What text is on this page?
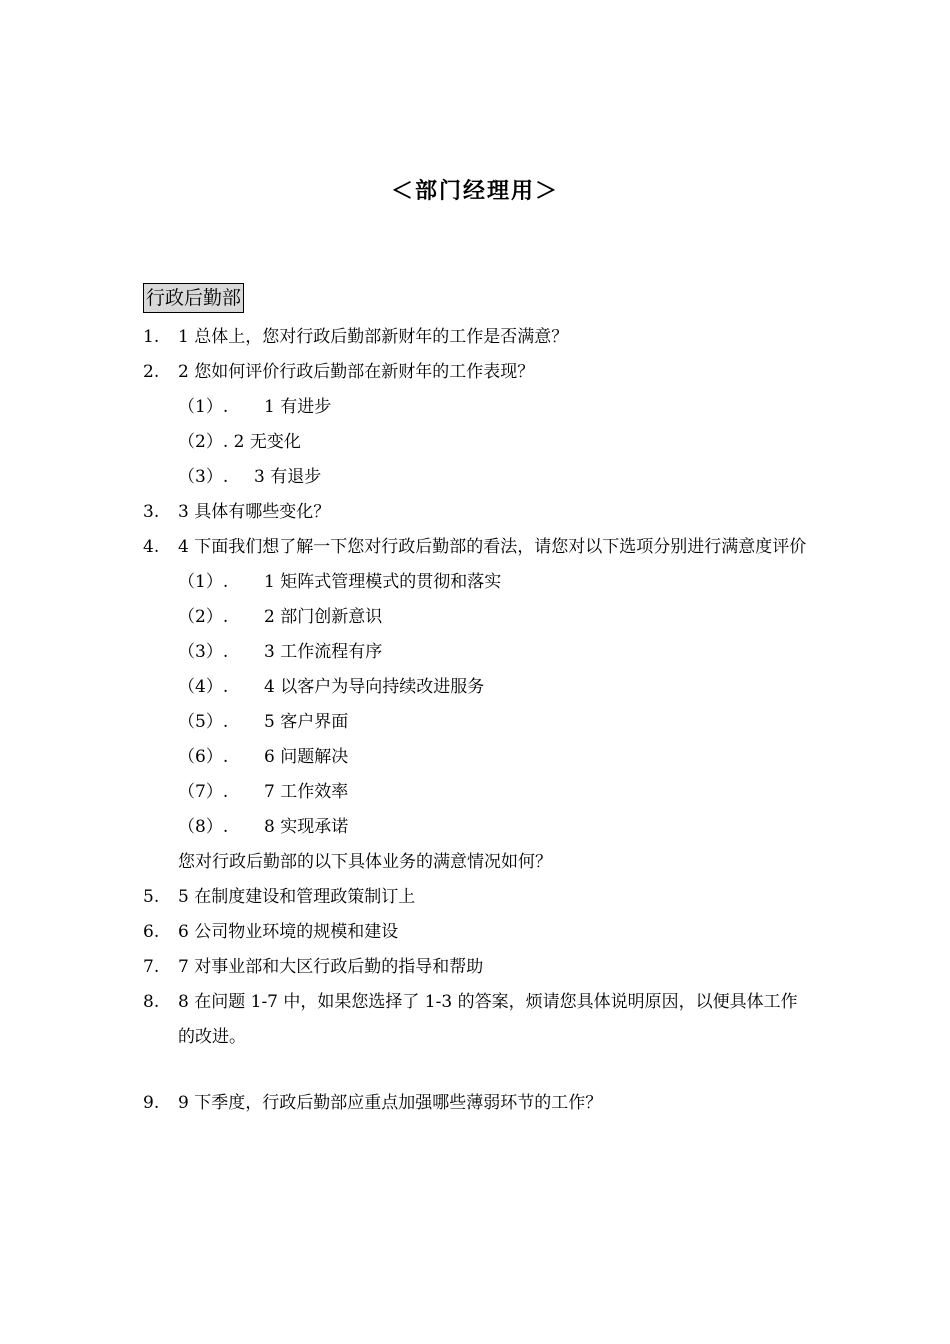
＜部门经理用＞
行政后勤部
1.	1 总体上，您对行政后勤部新财年的工作是否满意？
2.	2 您如何评价行政后勤部在新财年的工作表现？
（1）. 1 有进步
（2）. 2 无变化
（3）. 3 有退步
3.	3 具体有哪些变化？
4.	4 下面我们想了解一下您对行政后勤部的看法，请您对以下选项分别进行满意度评价
（1）. 1 矩阵式管理模式的贯彻和落实
（2）. 2 部门创新意识
（3）. 3 工作流程有序
（4）. 4 以客户为导向持续改进服务
（5）. 5 客户界面
（6）. 6 问题解决
（7）. 7 工作效率
（8）. 8 实现承诺
您对行政后勤部的以下具体业务的满意情况如何？
5.	5 在制度建设和管理政策制订上
6.	6 公司物业环境的规模和建设
7.	7 对事业部和大区行政后勤的指导和帮助
8.	8 在问题 1-7 中，如果您选择了 1-3 的答案，烦请您具体说明原因，以便具体工作的改进。
9.	9 下季度，行政后勤部应重点加强哪些薄弱环节的工作？
